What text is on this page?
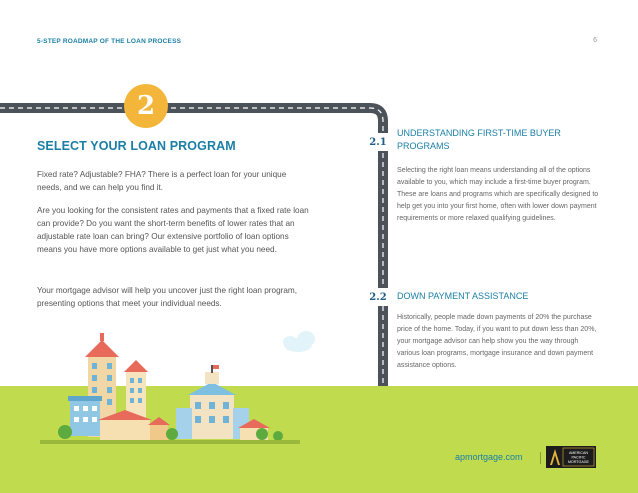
5-STEP ROADMAP OF THE LOAN PROCESS	6
2
SELECT YOUR LOAN PROGRAM

Fixed rate? Adjustable? FHA? There is a perfect loan for your unique needs, and we can help you find it.

Are you looking for the consistent rates and payments that a fixed rate loan can provide? Do you want the short-term benefits of lower rates that an adjustable rate loan can bring? Our extensive portfolio of loan options means you have more options available to get just what you need.

Your mortgage advisor will help you uncover just the right loan program, presenting options that meet your individual needs.

2.1
UNDERSTANDING FIRST-TIME BUYER PROGRAMS

Selecting the right loan means understanding all of the options available to you, which may include a first-time buyer program. These are loans and programs which are specifically designed to help get you into your first home, often with lower down payment requirements or more relaxed qualifying guidelines.

2.2	DOWN PAYMENT ASSISTANCE

Historically, people made down payments of 20% the purchase price of the home. Today, if you want to put down less than 20%, your mortgage advisor can help show you the way through various loan programs, mortgage insurance and down payment assistance options.

apmortgage.com	AMERICAN
PACIFIC
MORTGAGE
